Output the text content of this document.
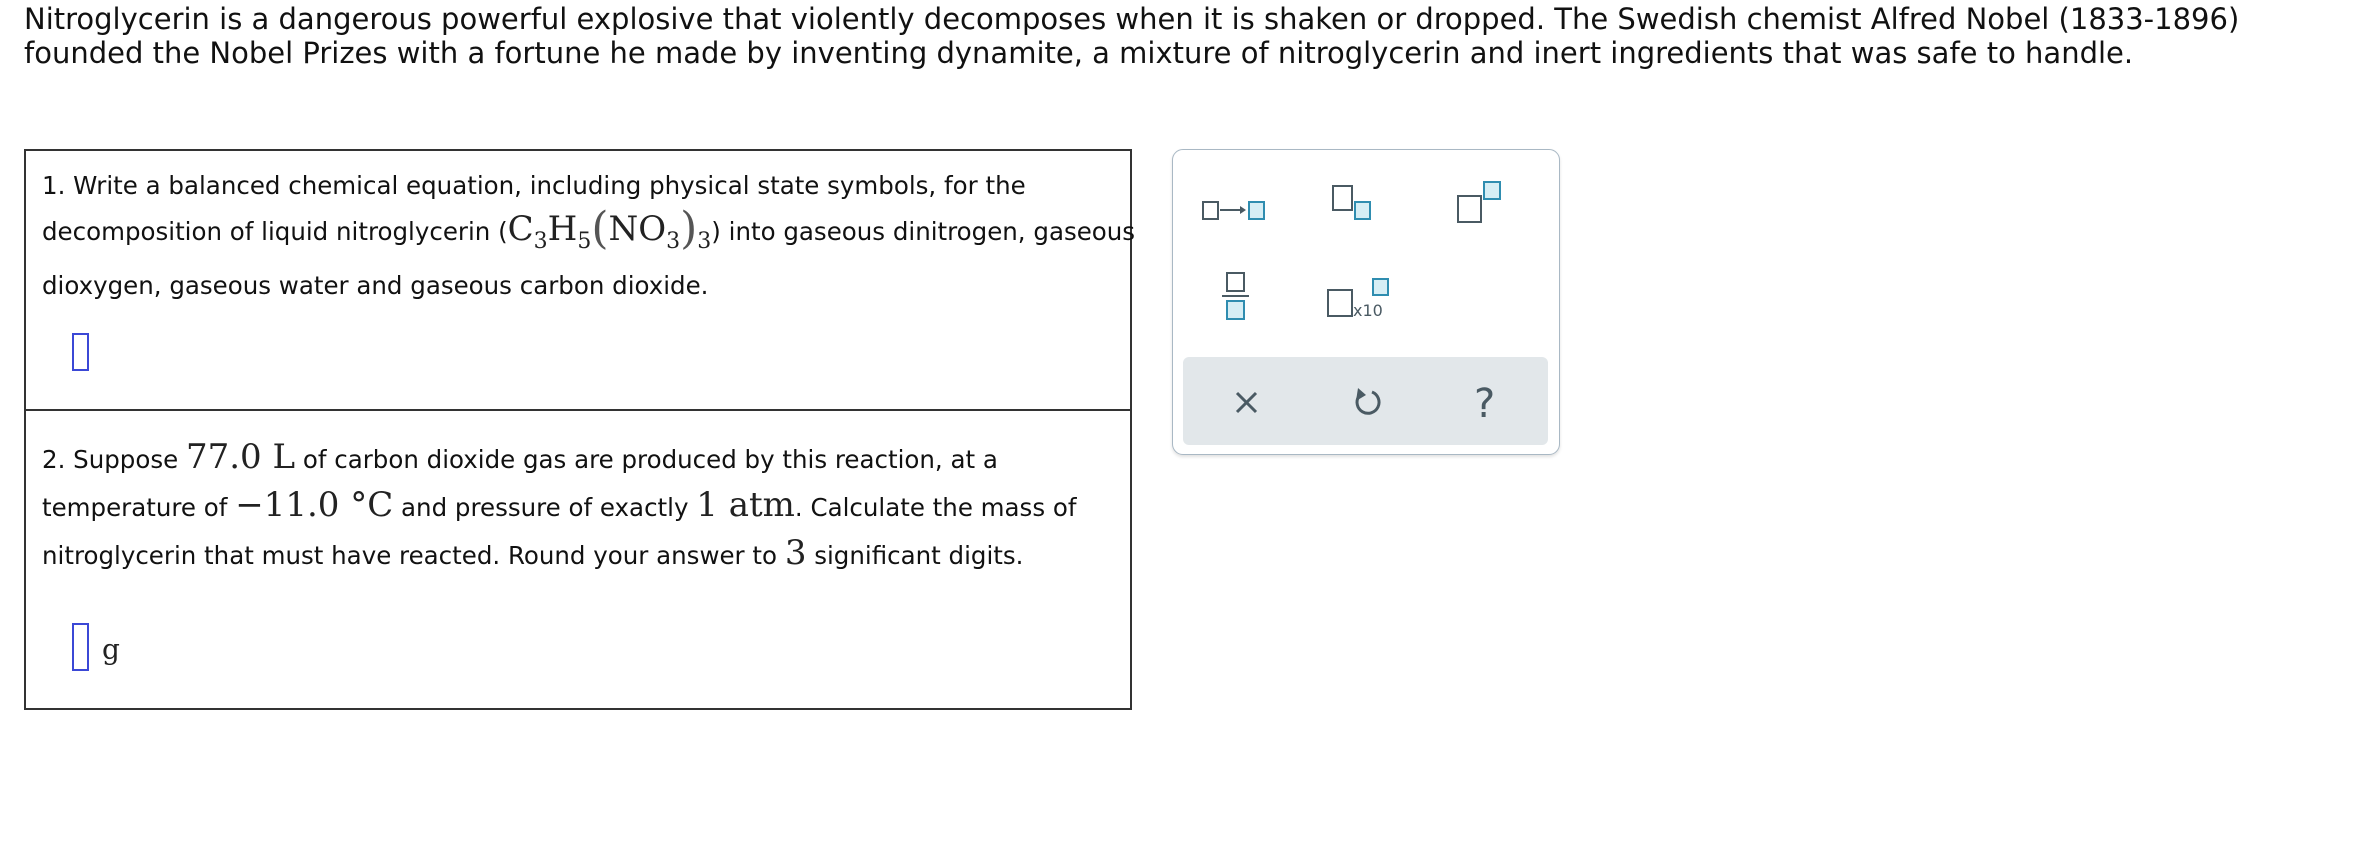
Nitroglycerin is a dangerous powerful explosive that violently decomposes when it is shaken or dropped. The Swedish chemist Alfred Nobel (1833-1896) founded the Nobel Prizes with a fortune he made by inventing dynamite, a mixture of nitroglycerin and inert ingredients that was safe to handle.
1. Write a balanced chemical equation, including physical state symbols, for the
decomposition of liquid nitroglycerin $(C_3H_5(NO_3)_3)$ into gaseous dinitrogen, gaseous
dioxygen, gaseous water and gaseous carbon dioxide.
2. Suppose 77.0 L of carbon dioxide gas are produced by this reaction, at a
temperature of −11.0 °C and pressure of exactly 1 atm. Calculate the mass of
nitroglycerin that must have reacted. Round your answer to 3 significant digits.
g
x10
?
